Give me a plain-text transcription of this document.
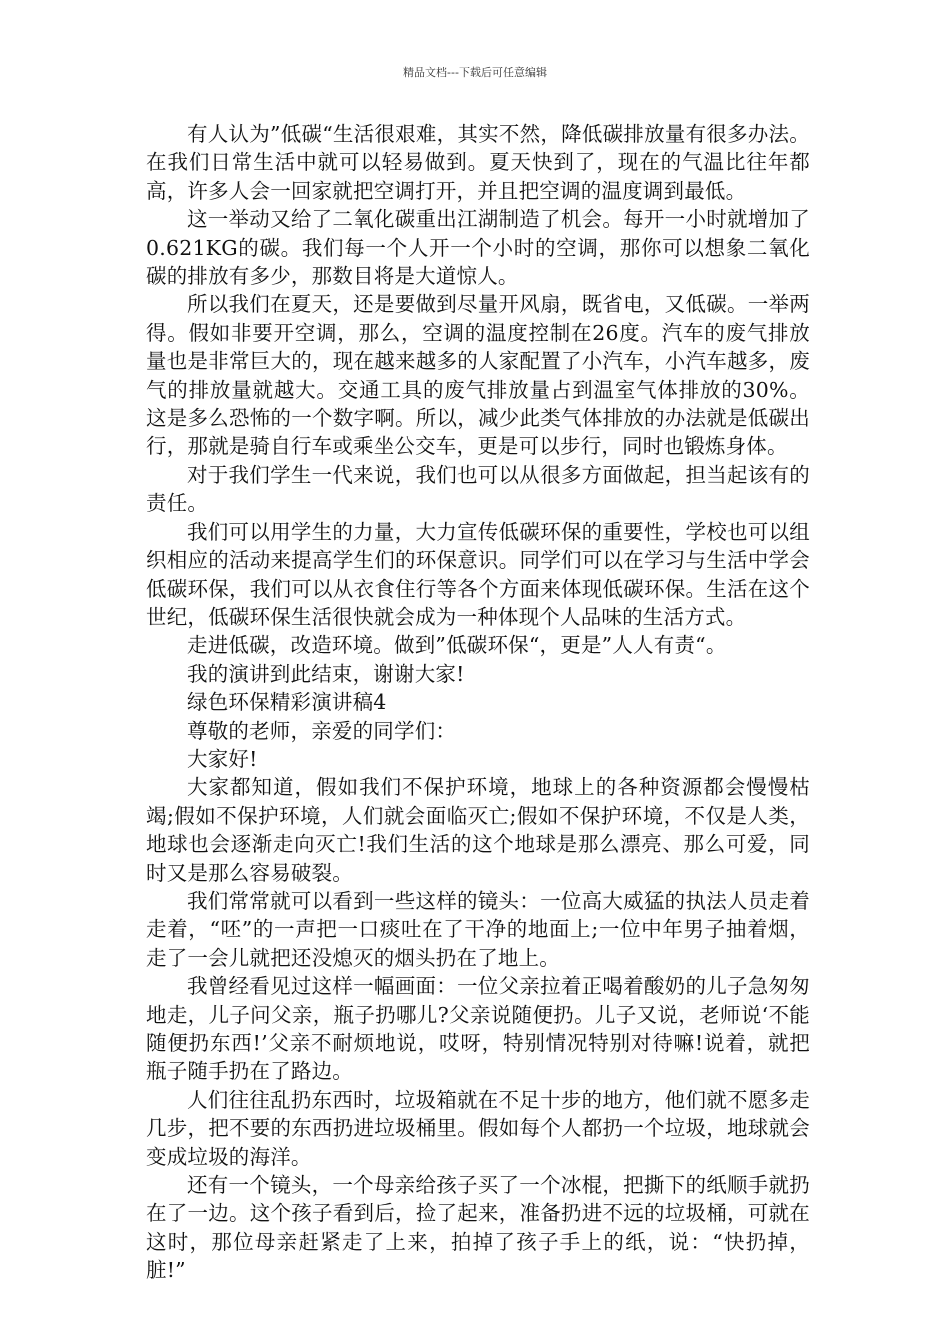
精品文档---下载后可任意编辑

有人认为”低碳“生活很艰难，其实不然，降低碳排放量有很多办法。在我们日常生活中就可以轻易做到。夏天快到了，现在的气温比往年都高，许多人会一回家就把空调打开，并且把空调的温度调到最低。

这一举动又给了二氧化碳重出江湖制造了机会。每开一小时就增加了0.621KG的碳。我们每一个人开一个小时的空调，那你可以想象二氧化碳的排放有多少，那数目将是大道惊人。

所以我们在夏天，还是要做到尽量开风扇，既省电，又低碳。一举两得。假如非要开空调，那么，空调的温度控制在26度。汽车的废气排放量也是非常巨大的，现在越来越多的人家配置了小汽车，小汽车越多，废气的排放量就越大。交通工具的废气排放量占到温室气体排放的30%。这是多么恐怖的一个数字啊。所以，减少此类气体排放的办法就是低碳出行，那就是骑自行车或乘坐公交车，更是可以步行，同时也锻炼身体。

对于我们学生一代来说，我们也可以从很多方面做起，担当起该有的责任。

我们可以用学生的力量，大力宣传低碳环保的重要性，学校也可以组织相应的活动来提高学生们的环保意识。同学们可以在学习与生活中学会低碳环保，我们可以从衣食住行等各个方面来体现低碳环保。生活在这个世纪，低碳环保生活很快就会成为一种体现个人品味的生活方式。

走进低碳，改造环境。做到”低碳环保“，更是”人人有责“。

我的演讲到此结束，谢谢大家!

绿色环保精彩演讲稿4

尊敬的老师，亲爱的同学们：

大家好!

大家都知道，假如我们不保护环境，地球上的各种资源都会慢慢枯竭;假如不保护环境，人们就会面临灭亡;假如不保护环境，不仅是人类，地球也会逐渐走向灭亡!我们生活的这个地球是那么漂亮、那么可爱，同时又是那么容易破裂。

我们常常就可以看到一些这样的镜头：一位高大威猛的执法人员走着走着，“呸”的一声把一口痰吐在了干净的地面上;一位中年男子抽着烟，走了一会儿就把还没熄灭的烟头扔在了地上。

我曾经看见过这样一幅画面：一位父亲拉着正喝着酸奶的儿子急匆匆地走，儿子问父亲，瓶子扔哪儿?父亲说随便扔。儿子又说，老师说‘不能随便扔东西!’父亲不耐烦地说，哎呀，特别情况特别对待嘛!说着，就把瓶子随手扔在了路边。

人们往往乱扔东西时，垃圾箱就在不足十步的地方，他们就不愿多走几步，把不要的东西扔进垃圾桶里。假如每个人都扔一个垃圾，地球就会变成垃圾的海洋。

还有一个镜头，一个母亲给孩子买了一个冰棍，把撕下的纸顺手就扔在了一边。这个孩子看到后，捡了起来，准备扔进不远的垃圾桶，可就在这时，那位母亲赶紧走了上来，拍掉了孩子手上的纸，说：“快扔掉，脏!”
